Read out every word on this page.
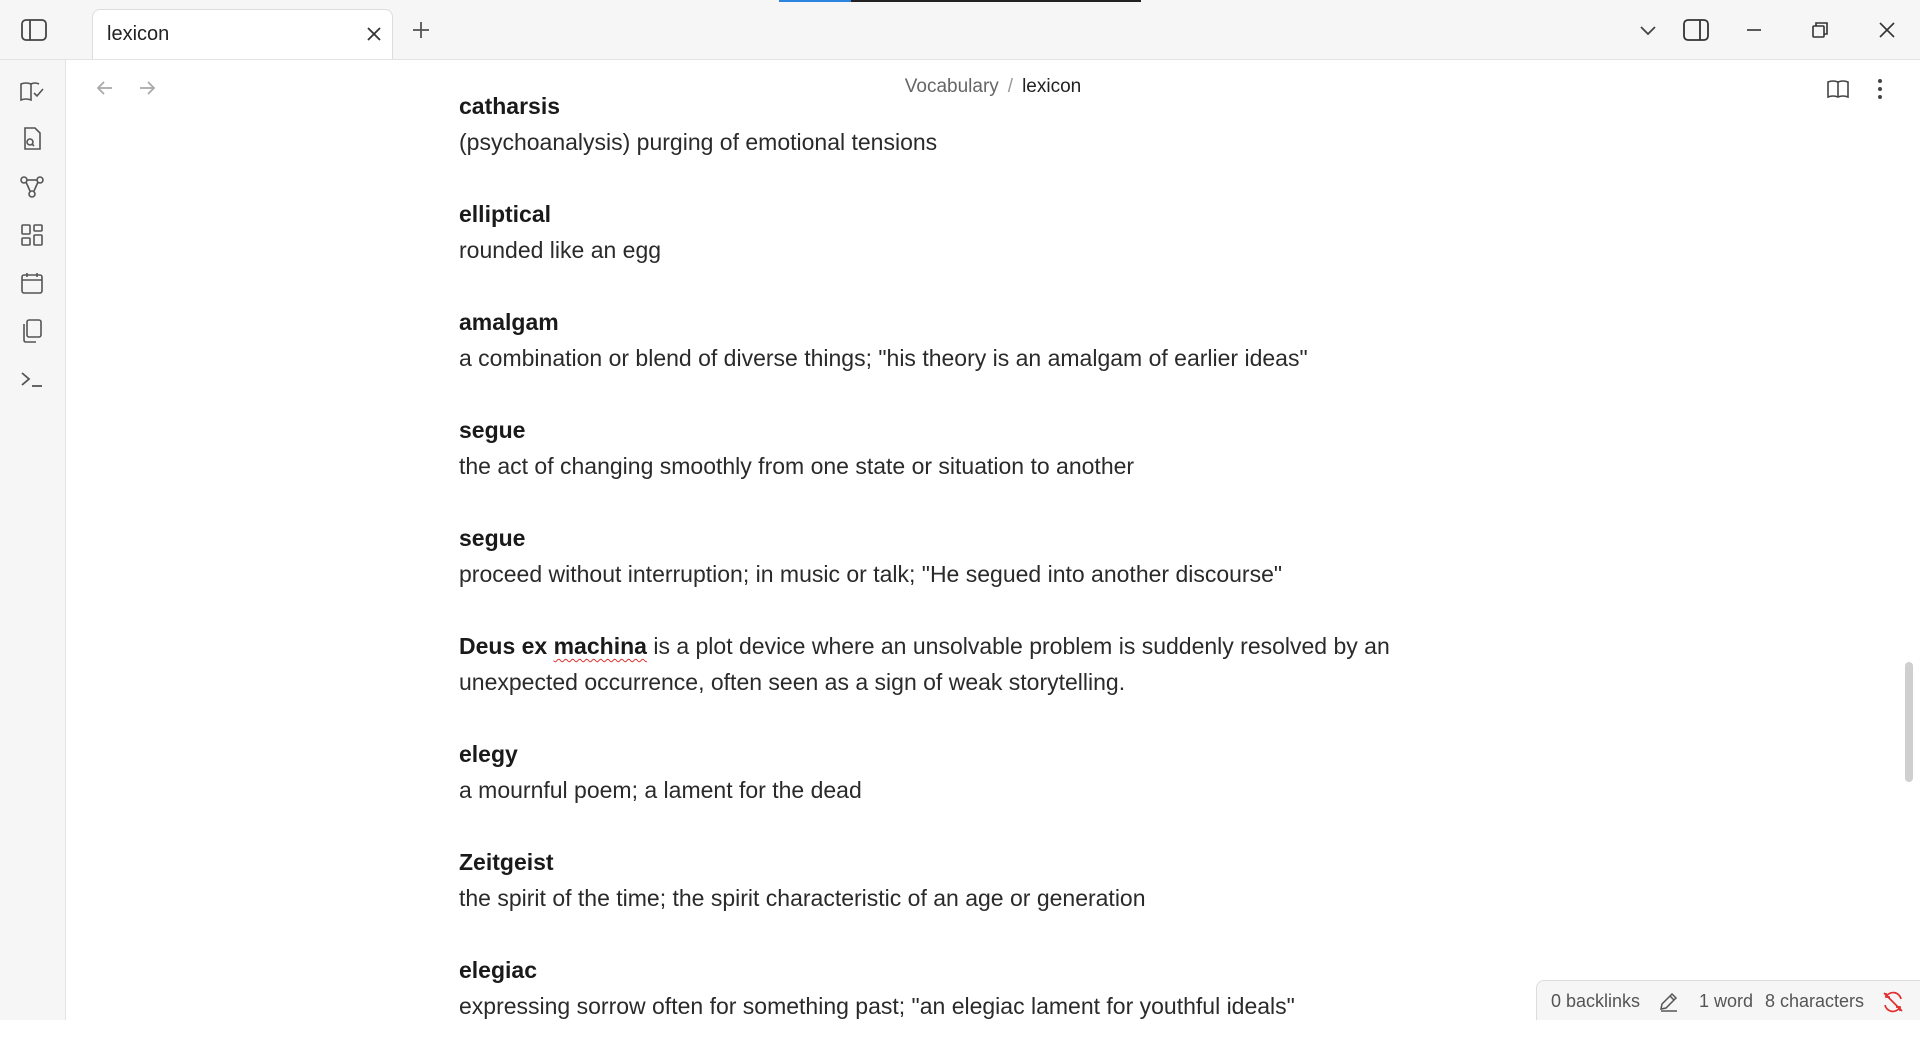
lexicon
Vocabulary / lexicon
catharsis
(psychoanalysis) purging of emotional tensions
elliptical
rounded like an egg
amalgam
a combination or blend of diverse things; "his theory is an amalgam of earlier ideas"
segue
the act of changing smoothly from one state or situation to another
segue
proceed without interruption; in music or talk; "He segued into another discourse"
Deus ex machina is a plot device where an unsolvable problem is suddenly resolved by an
unexpected occurrence, often seen as a sign of weak storytelling.
elegy
a mournful poem; a lament for the dead
Zeitgeist
the spirit of the time; the spirit characteristic of an age or generation
elegiac
expressing sorrow often for something past; "an elegiac lament for youthful ideals"	0 backlinks	1 word 8 characters
